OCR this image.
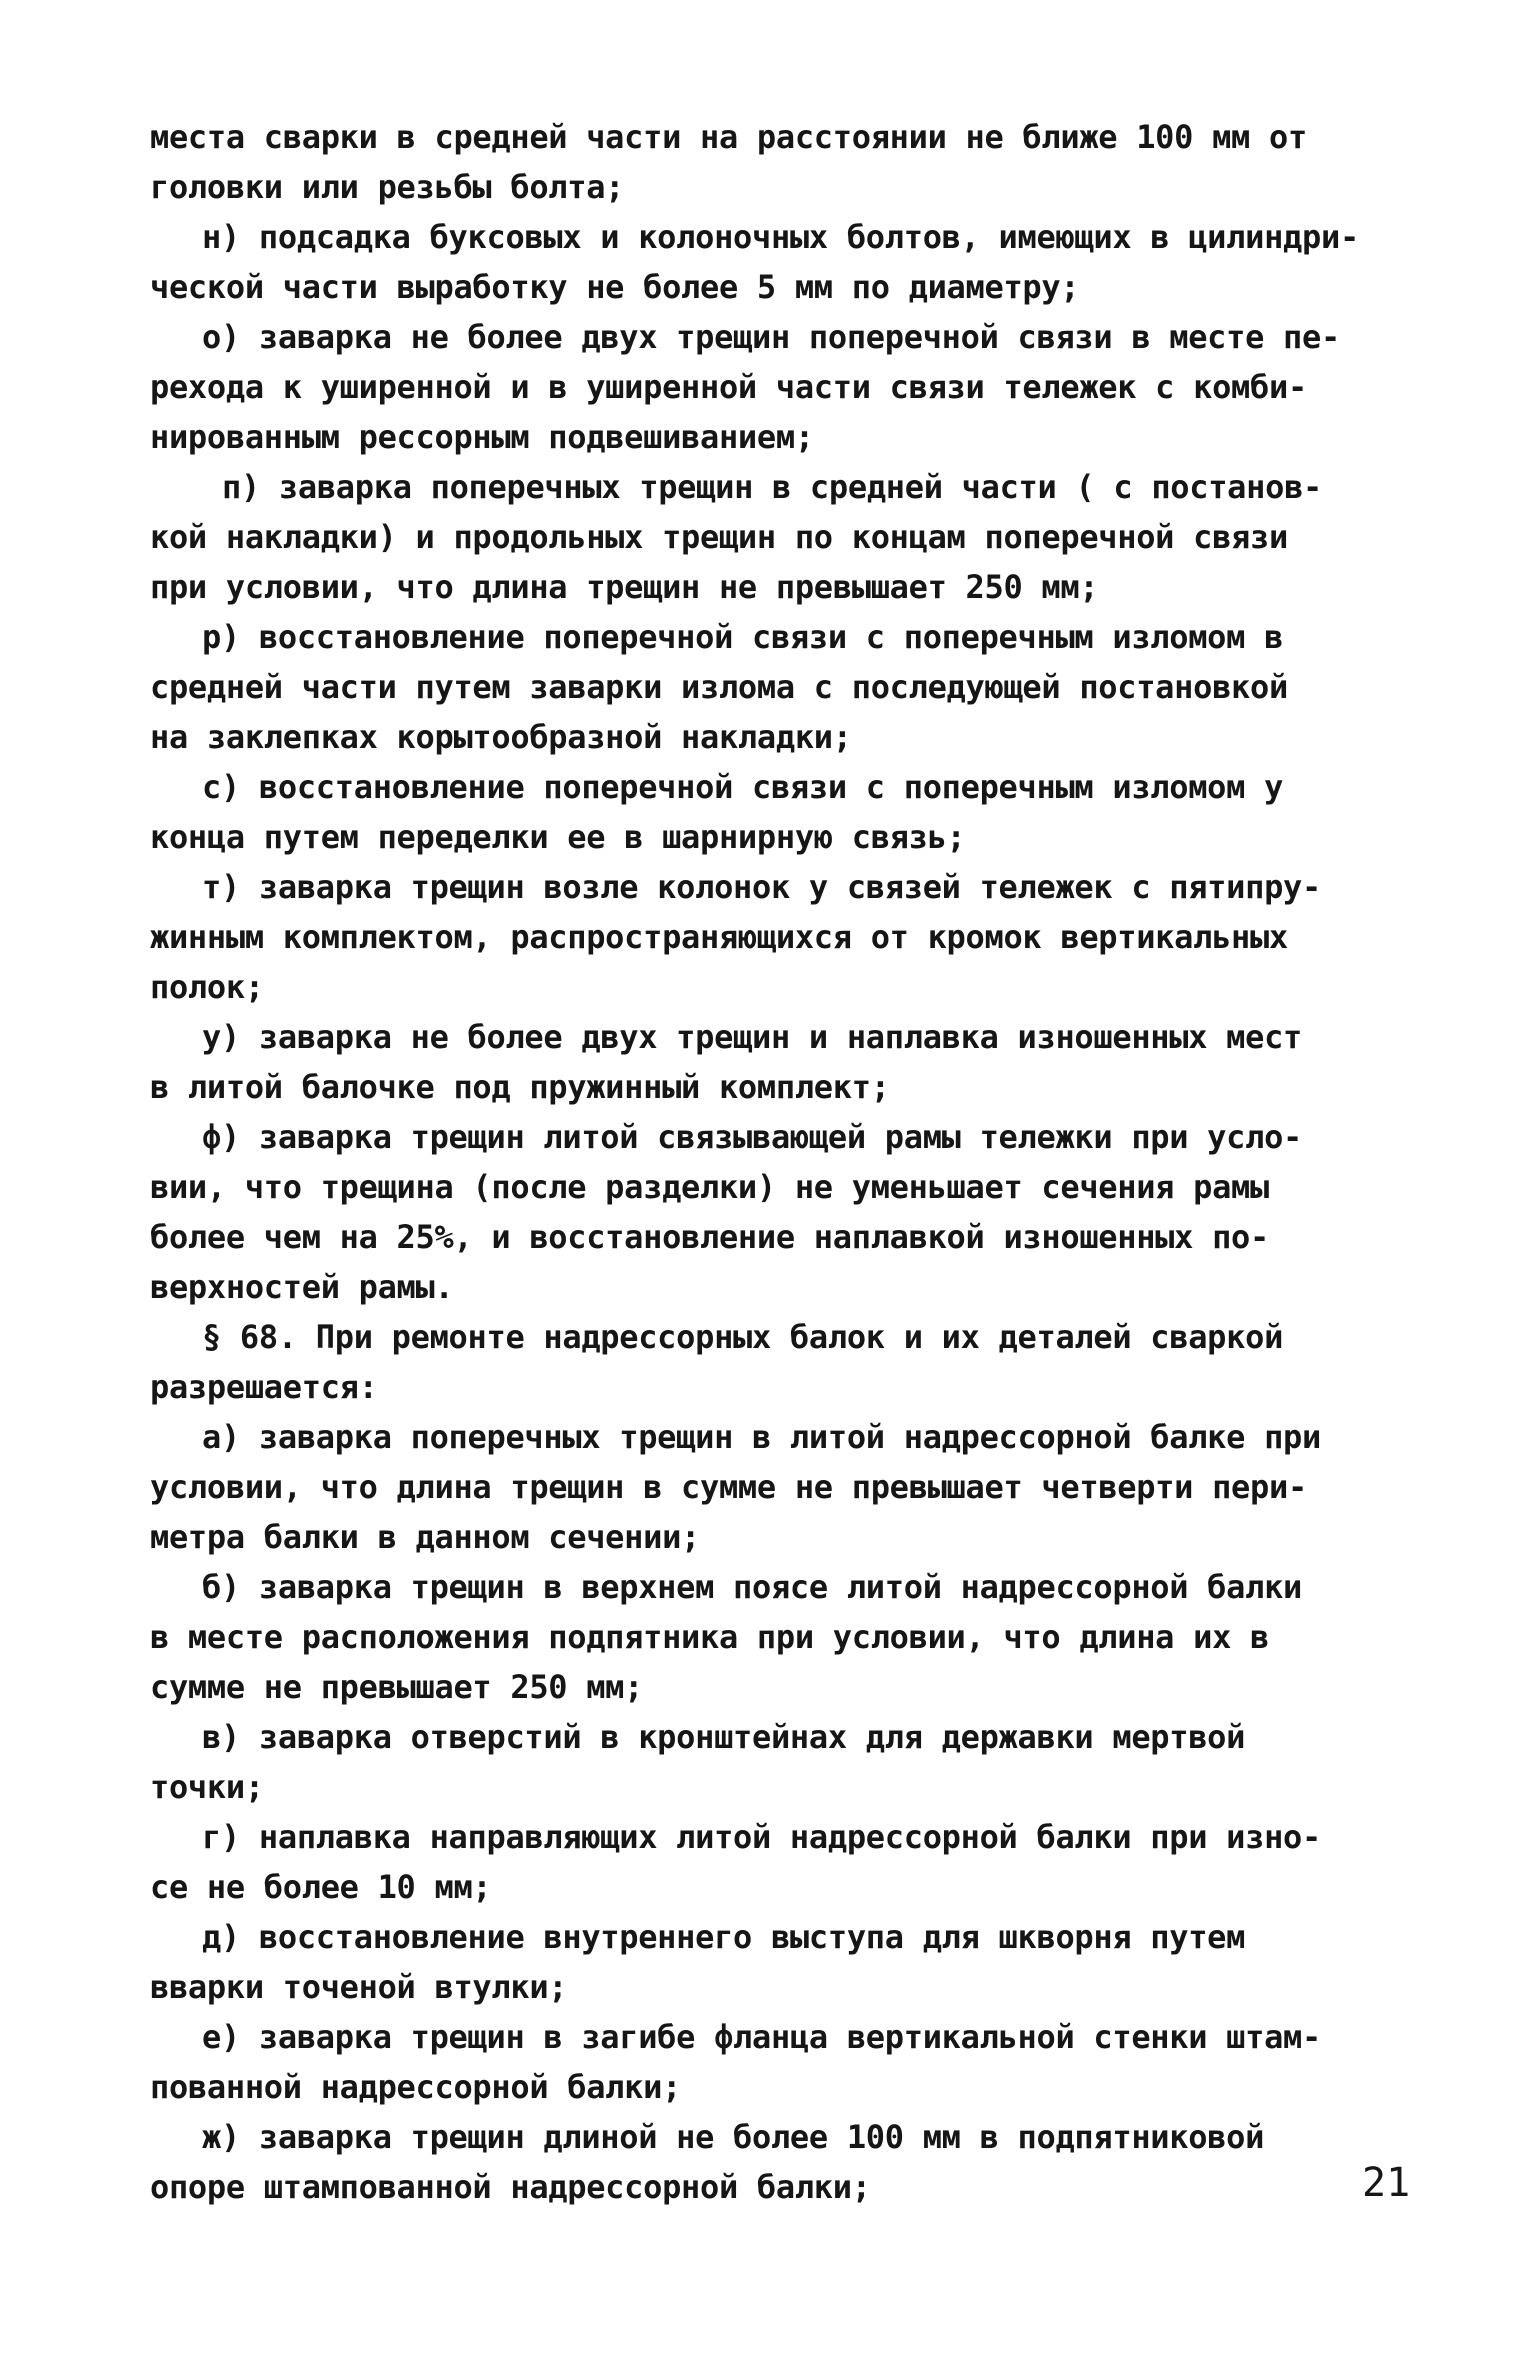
места сварки в средней части на расстоянии не ближе 100 мм от
головки или резьбы болта;
н) подсадка буксовых и колоночных болтов, имеющих в цилиндри-
ческой части выработку не более 5 мм по диаметру;
о) заварка не более двух трещин поперечной связи в месте пе-
рехода к уширенной и в уширенной части связи тележек с комби-
нированным рессорным подвешиванием;
п) заварка поперечных трещин в средней части ( с постанов-
кой накладки) и продольных трещин по концам поперечной связи
при условии, что длина трещин не превышает 250 мм;
р) восстановление поперечной связи с поперечным изломом в
средней части путем заварки излома с последующей постановкой
на заклепках корытообразной накладки;
с) восстановление поперечной связи с поперечным изломом у
конца путем переделки ее в шарнирную связь;
т) заварка трещин возле колонок у связей тележек с пятипру-
жинным комплектом, распространяющихся от кромок вертикальных
полок;
у) заварка не более двух трещин и наплавка изношенных мест
в литой балочке под пружинный комплект;
ф) заварка трещин литой связывающей рамы тележки при усло-
вии, что трещина (после разделки) не уменьшает сечения рамы
более чем на 25%, и восстановление наплавкой изношенных по-
верхностей рамы.
§ 68. При ремонте надрессорных балок и их деталей сваркой
разрешается:
а) заварка поперечных трещин в литой надрессорной балке при
условии, что длина трещин в сумме не превышает четверти пери-
метра балки в данном сечении;
б) заварка трещин в верхнем поясе литой надрессорной балки
в месте расположения подпятника при условии, что длина их в
сумме не превышает 250 мм;
в) заварка отверстий в кронштейнах для державки мертвой
точки;
г) наплавка направляющих литой надрессорной балки при изно-
се не более 10 мм;
д) восстановление внутреннего выступа для шкворня путем
вварки точеной втулки;
е) заварка трещин в загибе фланца вертикальной стенки штам-
пованной надрессорной балки;
ж) заварка трещин длиной не более 100 мм в подпятниковой
опоре штампованной надрессорной балки;	21
